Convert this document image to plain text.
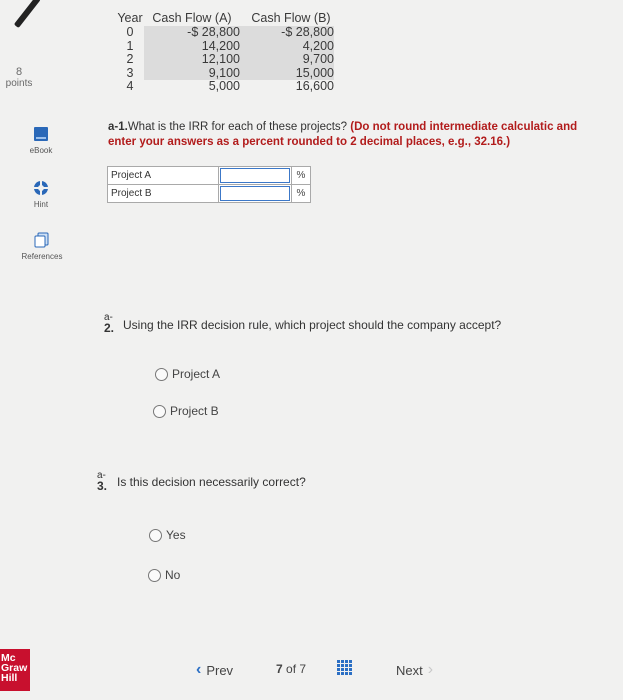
8
points
eBook
Hint
References
Year	Cash Flow (A)	Cash Flow (B)
0	-$ 28,800	-$ 28,800
1	14,200	4,200
2	12,100	9,700
3	9,100	15,000
4	5,000	16,600
a-1.What is the IRR for each of these projects? (Do not round intermediate calculatic and enter your answers as a percent rounded to 2 decimal places, e.g., 32.16.)
Project A		%
Project B		%
a-
2. Using the IRR decision rule, which project should the company accept?
Project A
Project B
a-
3. Is this decision necessarily correct?
Yes
No
Mc
Graw
Hill	‹ Prev	7 of 7	Next ›
